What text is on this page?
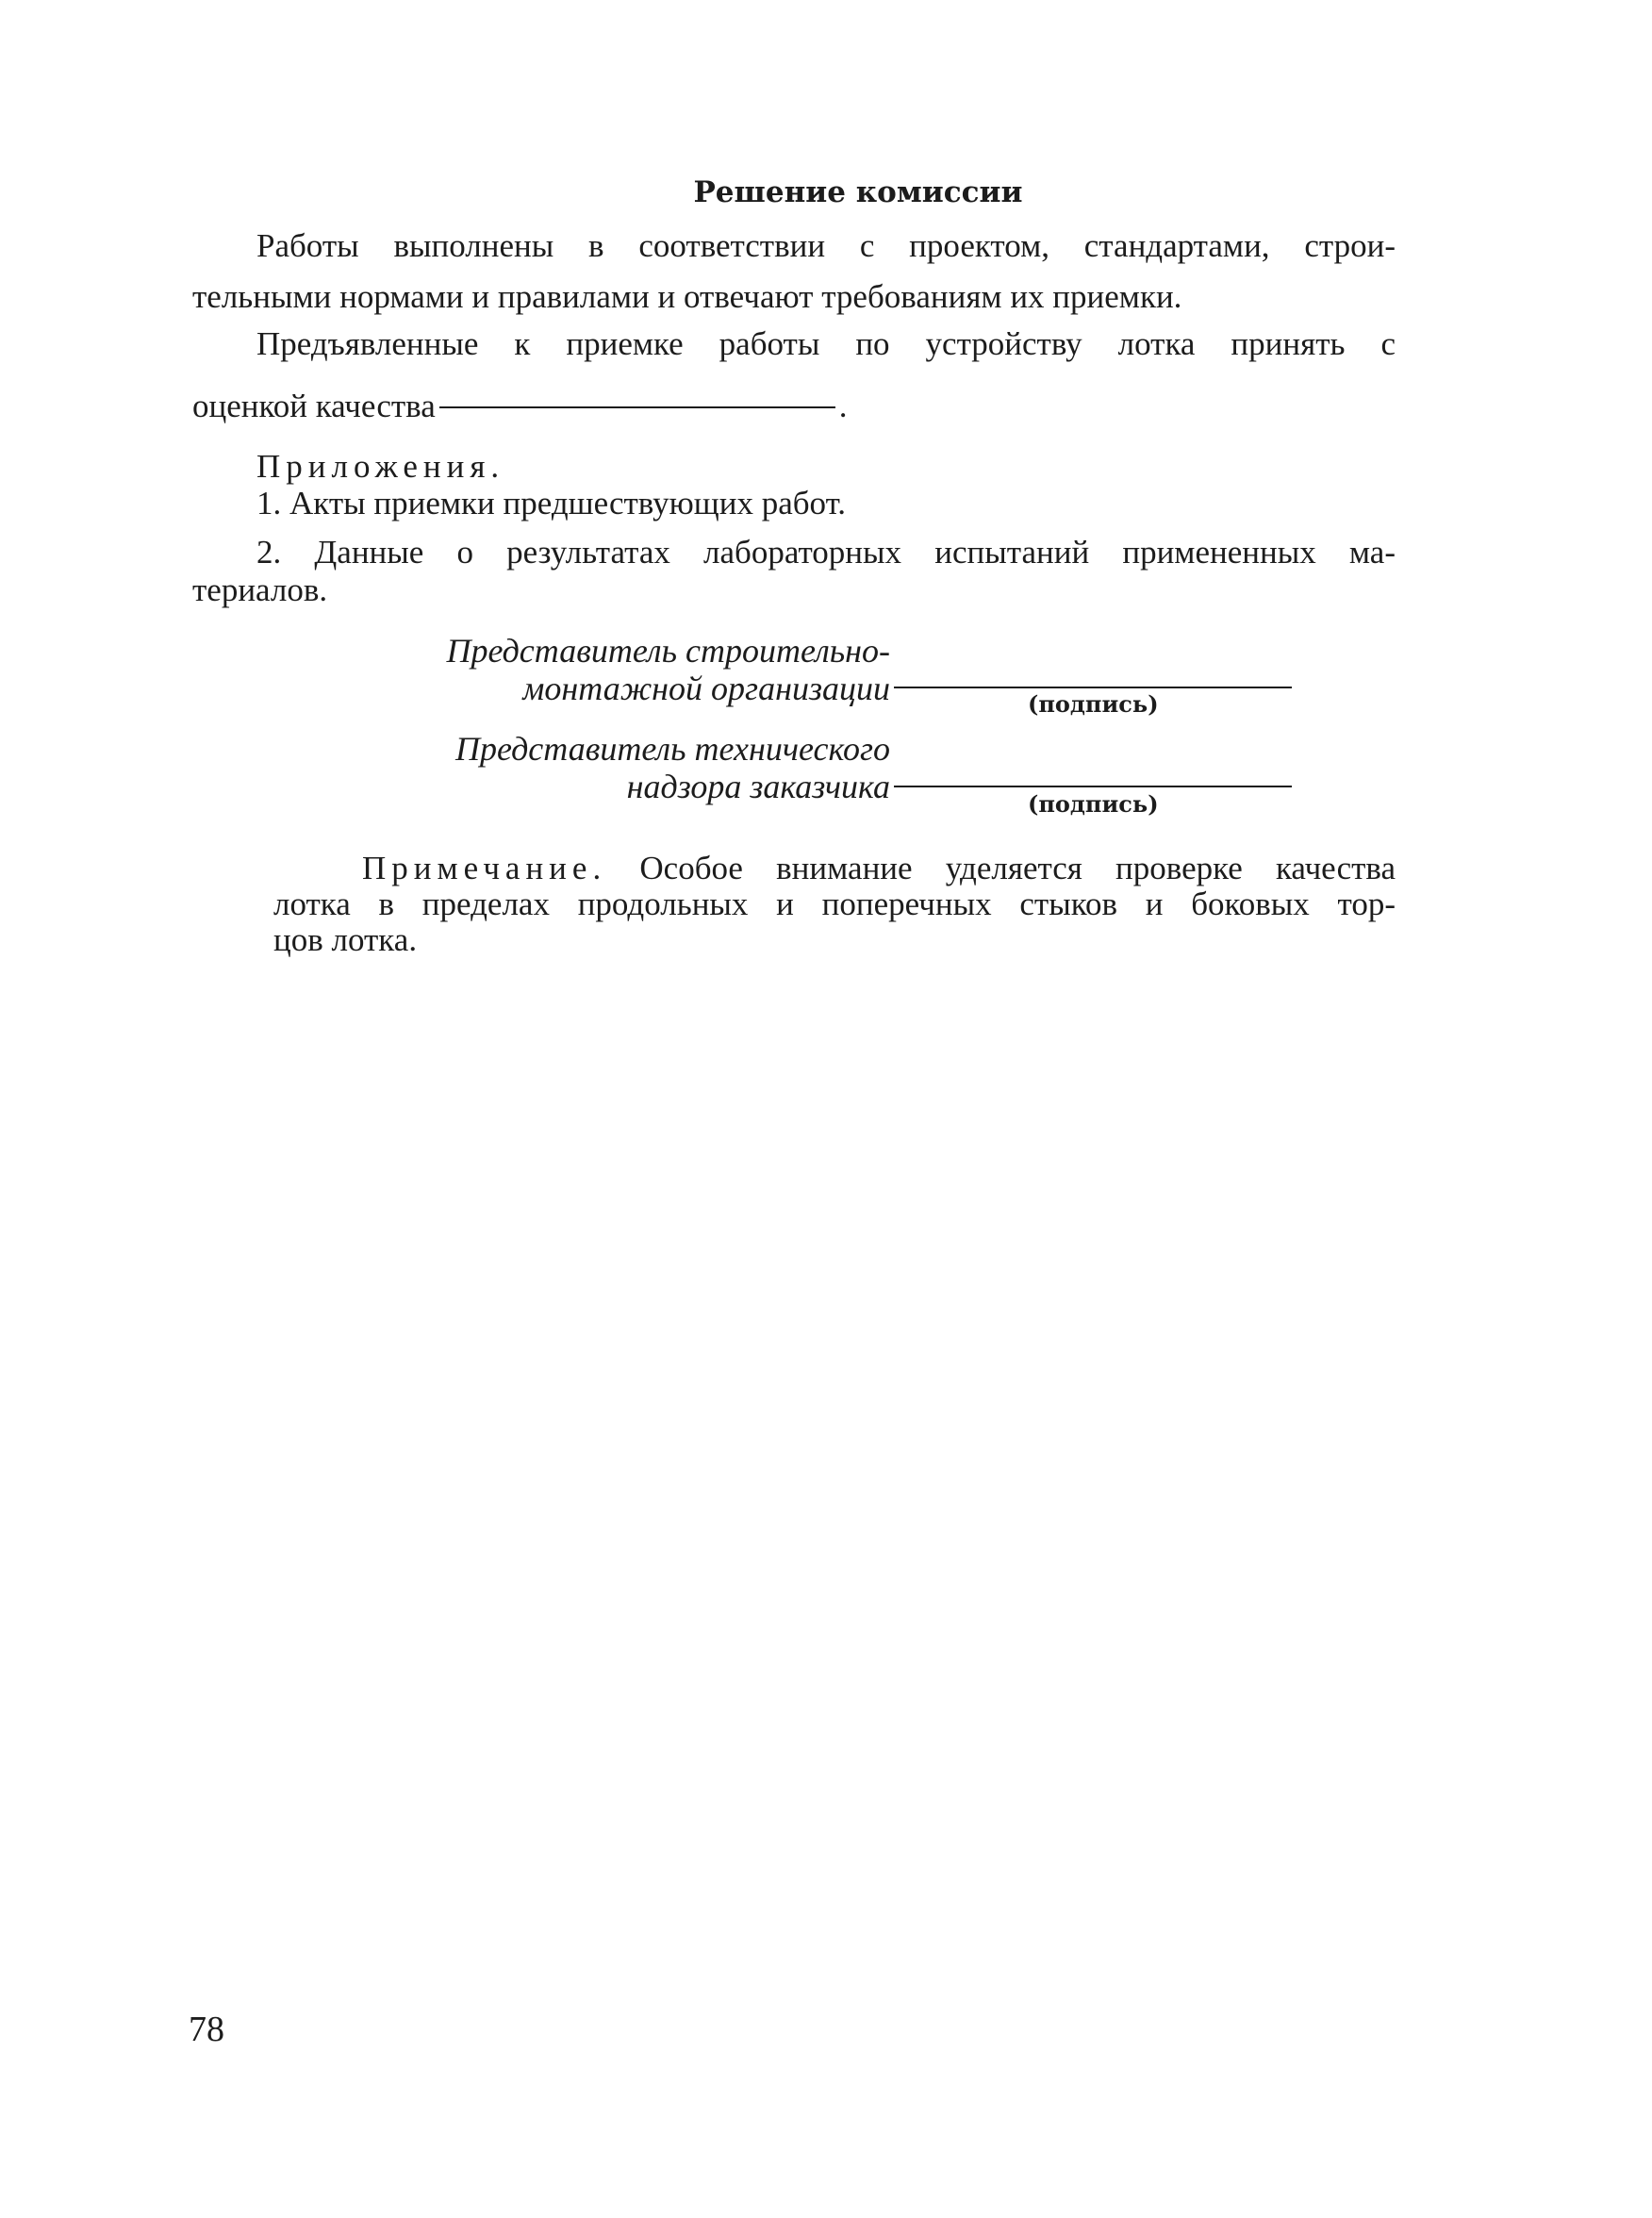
Решение комиссии
Работы выполнены в соответствии с проектом, стандартами, строи-
тельными нормами и правилами и отвечают требованиям их приемки.
Предъявленные к приемке работы по устройству лотка принять с
оценкой качества	.
Приложения.
1. Акты приемки предшествующих работ.
2. Данные о результатах лабораторных испытаний примененных ма-
териалов.
Представитель строительно-
монтажной организации	(подпись)
Представитель технического
надзора заказчика	(подпись)
Примечание. Особое внимание уделяется проверке качества
лотка в пределах продольных и поперечных стыков и боковых тор-
цов лотка.
78
